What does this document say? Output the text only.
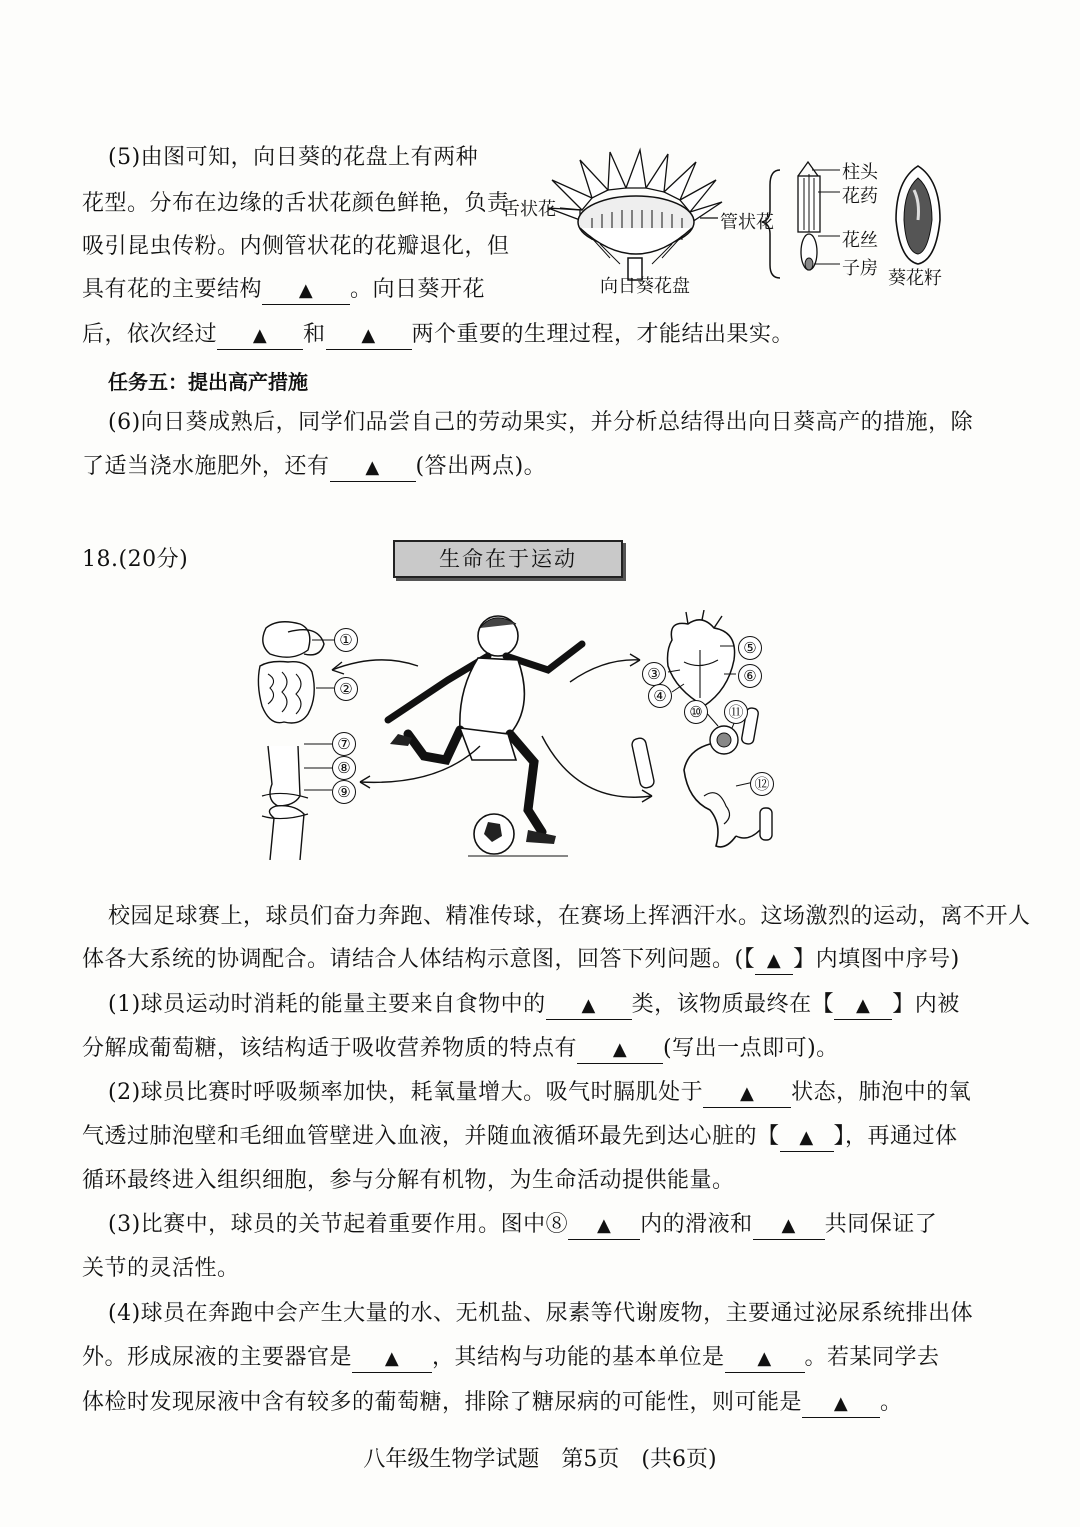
(5)由图可知，向日葵的花盘上有两种
花型。分布在边缘的舌状花颜色鲜艳，负责
吸引昆虫传粉。内侧管状花的花瓣退化，但
具有花的主要结构 ▲ 。向日葵开花
后，依次经过 ▲ 和 ▲ 两个重要的生理过程，才能结出果实。
舌状花
管状花
向日葵花盘
柱头
花药
花丝
子房 葵花籽
任务五：提出高产措施
(6)向日葵成熟后，同学们品尝自己的劳动果实，并分析总结得出向日葵高产的措施，除
了适当浇水施肥外，还有 ▲ (答出两点)。
18.(20分)	生命在于运动
①
②
⑦
⑧
⑨
③
④
⑤
⑥
⑩	⑪
⑫
校园足球赛上，球员们奋力奔跑、精准传球，在赛场上挥洒汗水。这场激烈的运动，离不开人
体各大系统的协调配合。请结合人体结构示意图，回答下列问题。(【 ▲ 】内填图中序号)
(1)球员运动时消耗的能量主要来自食物中的 ▲ 类，该物质最终在【 ▲ 】内被
分解成葡萄糖，该结构适于吸收营养物质的特点有 ▲ (写出一点即可)。
(2)球员比赛时呼吸频率加快，耗氧量增大。吸气时膈肌处于 ▲ 状态，肺泡中的氧
气透过肺泡壁和毛细血管壁进入血液，并随血液循环最先到达心脏的【 ▲ 】，再通过体
循环最终进入组织细胞，参与分解有机物，为生命活动提供能量。
(3)比赛中，球员的关节起着重要作用。图中⑧ ▲ 内的滑液和 ▲ 共同保证了
关节的灵活性。
(4)球员在奔跑中会产生大量的水、无机盐、尿素等代谢废物，主要通过泌尿系统排出体
外。形成尿液的主要器官是 ▲ ，其结构与功能的基本单位是 ▲ 。若某同学去
体检时发现尿液中含有较多的葡萄糖，排除了糖尿病的可能性，则可能是 ▲ 。
八年级生物学试题　第5页　(共6页)
